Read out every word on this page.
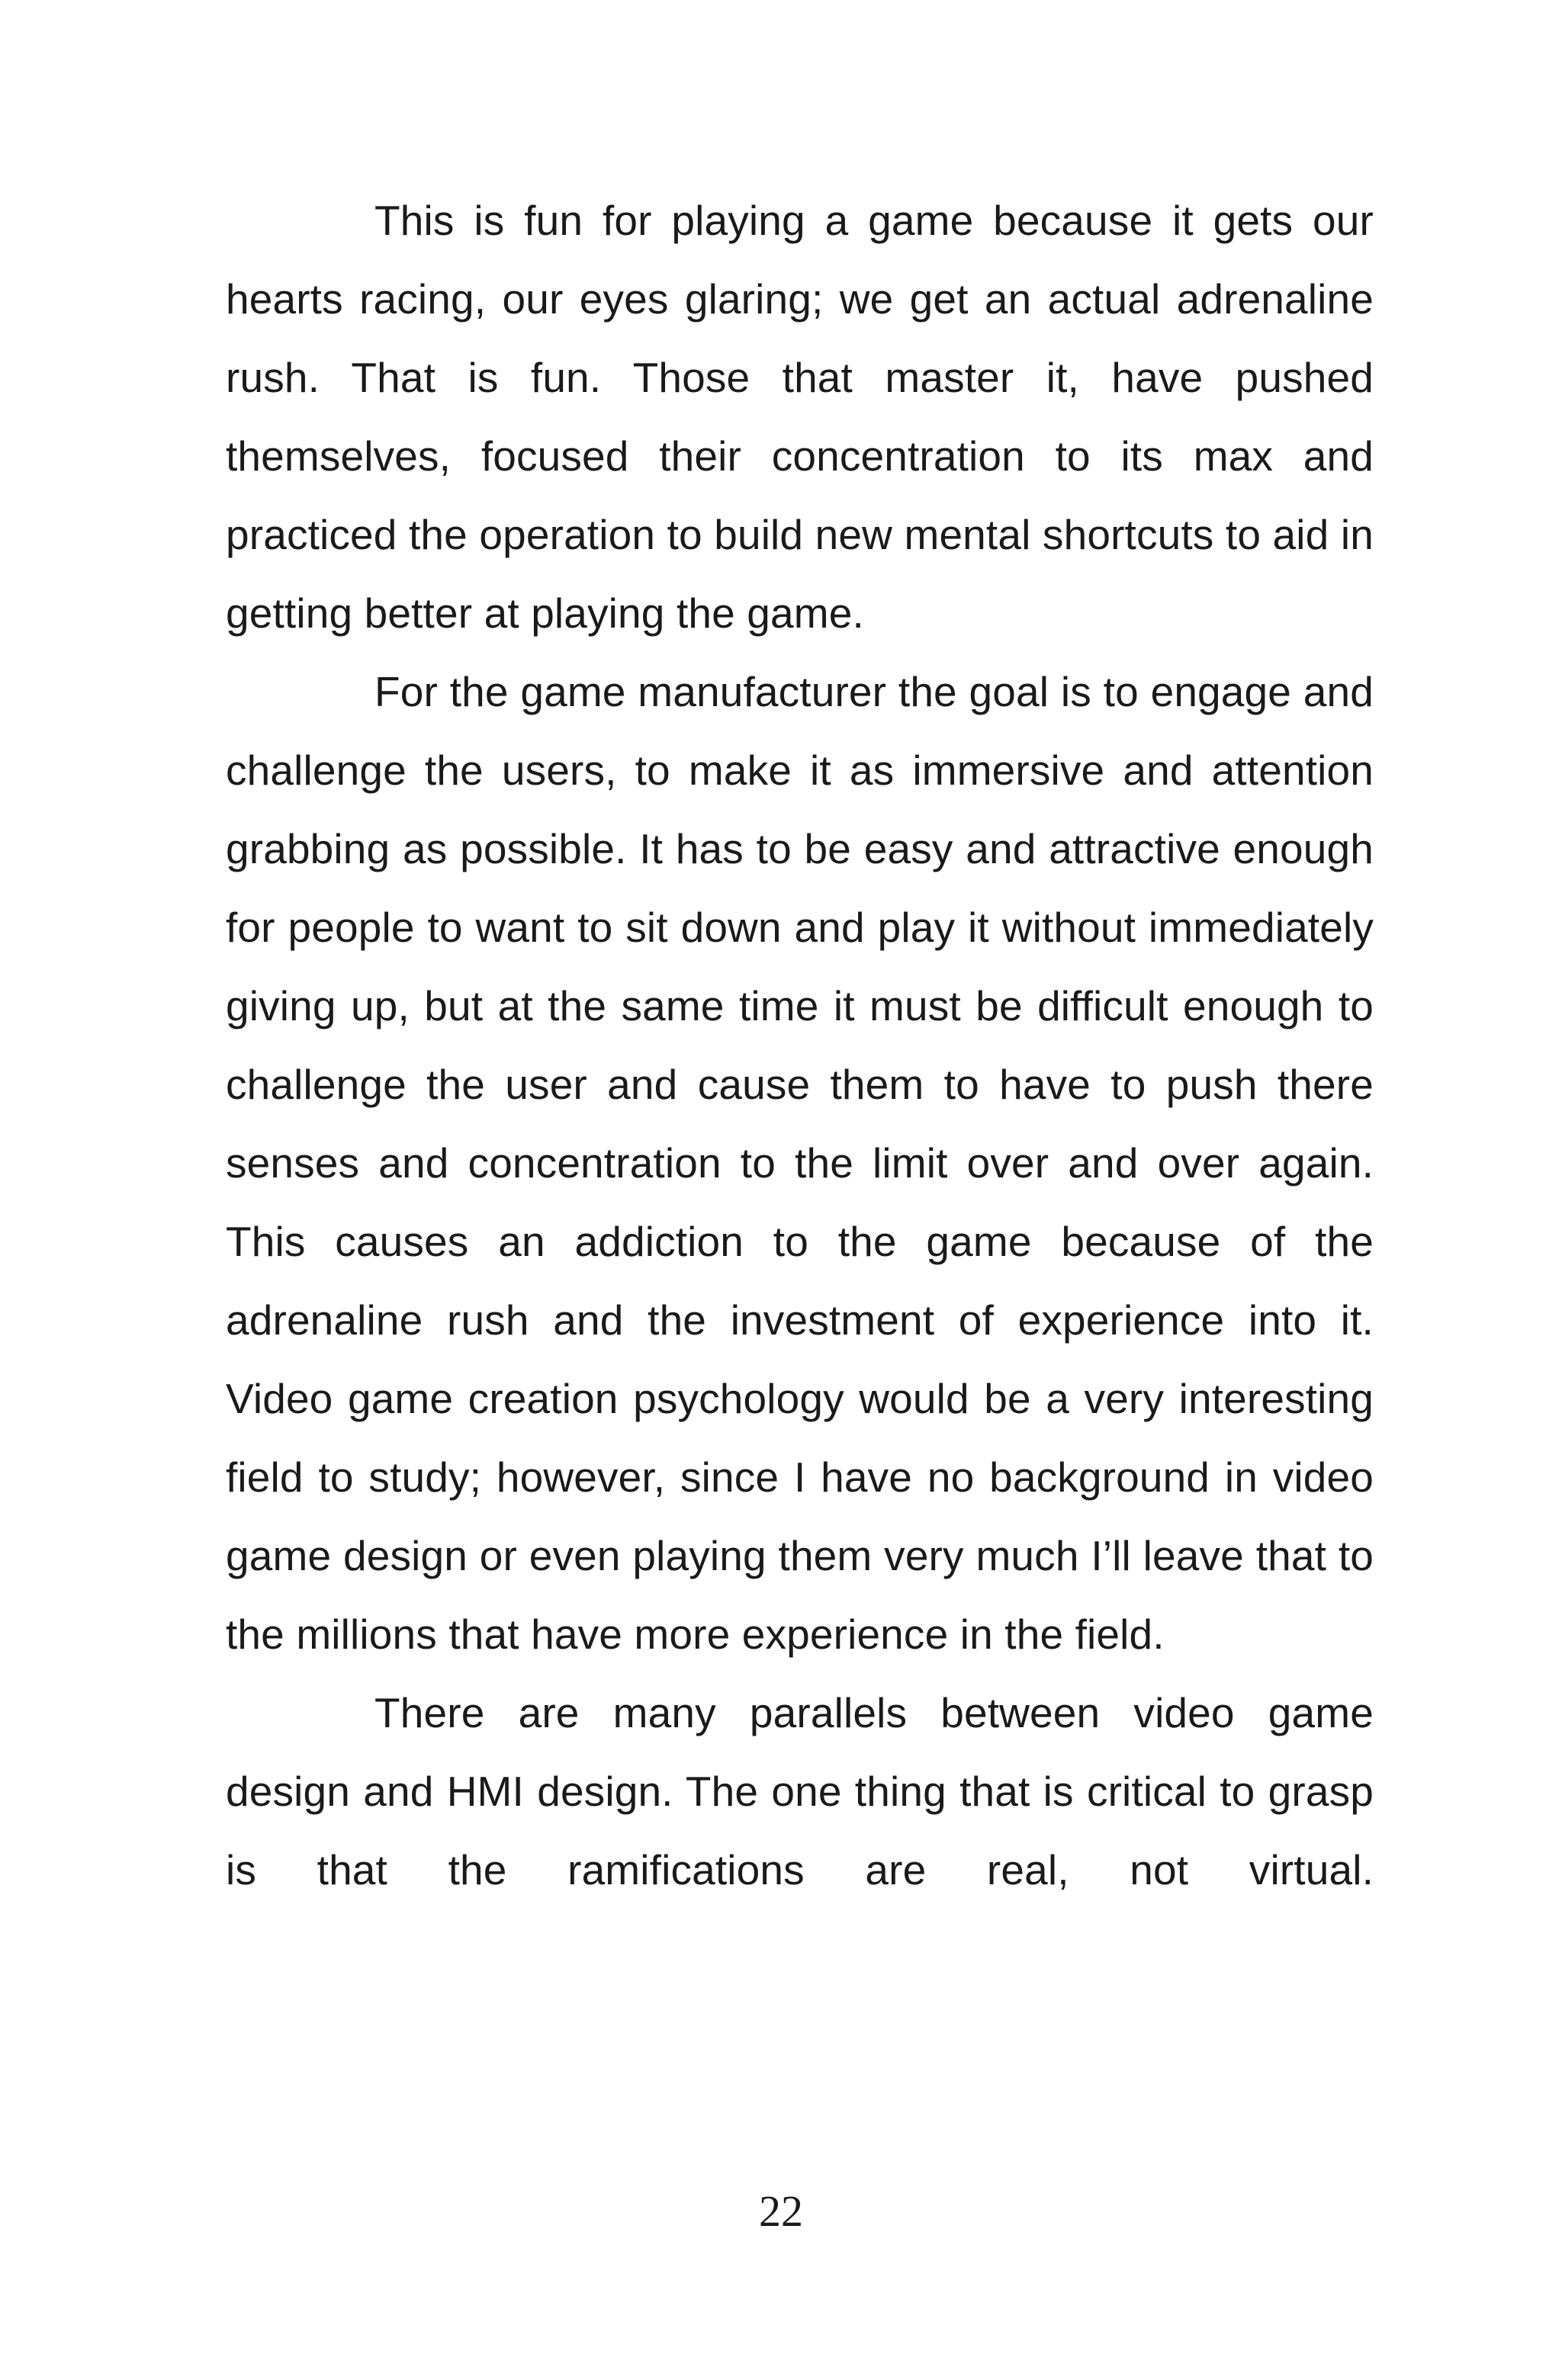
This is fun for playing a game because it gets our hearts racing, our eyes glaring; we get an actual adrenaline rush. That is fun. Those that master it, have pushed themselves, focused their concentration to its max and practiced the operation to build new mental shortcuts to aid in getting better at playing the game.

For the game manufacturer the goal is to engage and challenge the users, to make it as immersive and attention grabbing as possible. It has to be easy and attractive enough for people to want to sit down and play it without immediately giving up, but at the same time it must be difficult enough to challenge the user and cause them to have to push there senses and concentration to the limit over and over again. This causes an addiction to the game because of the adrenaline rush and the investment of experience into it. Video game creation psychology would be a very interesting field to study; however, since I have no background in video game design or even playing them very much I’ll leave that to the millions that have more experience in the field.

There are many parallels between video game design and HMI design. The one thing that is critical to grasp is that the ramifications are real, not virtual.

22
